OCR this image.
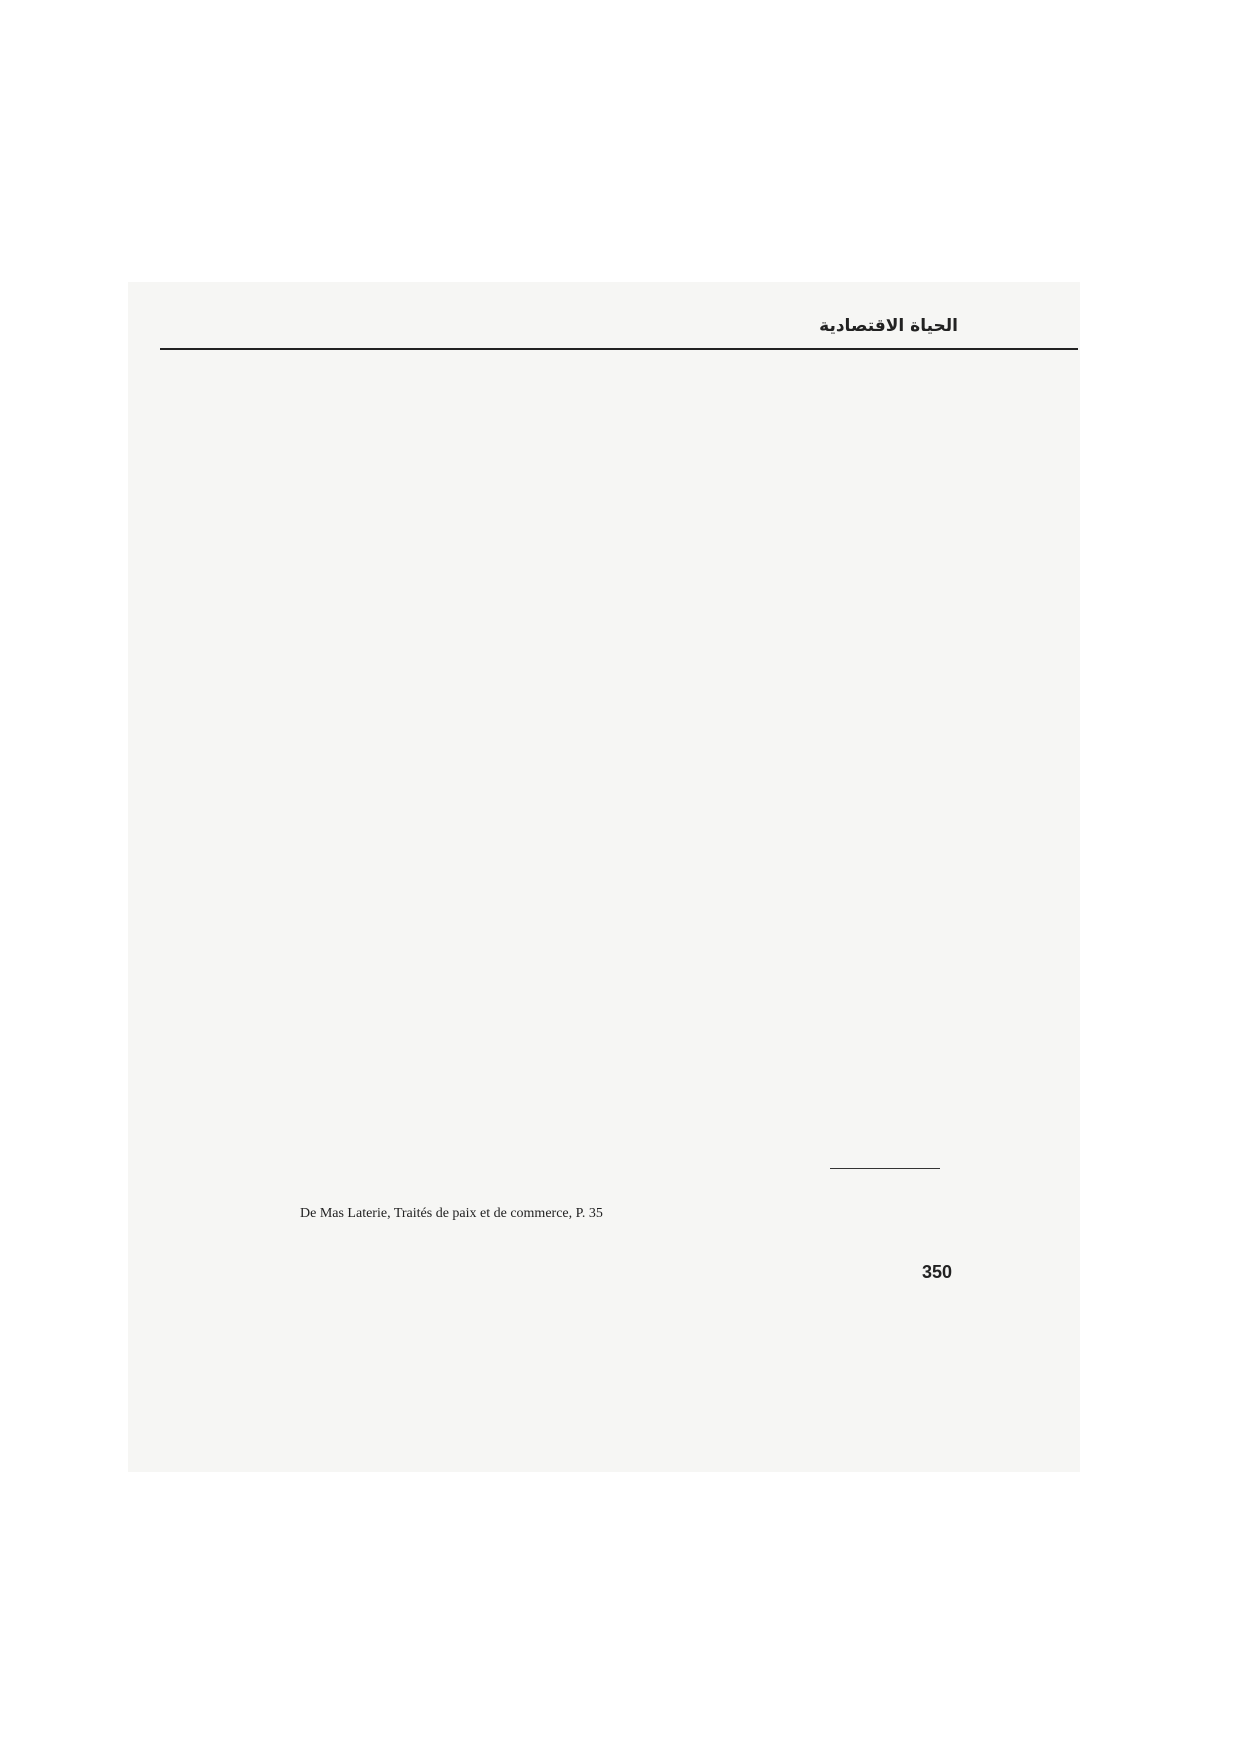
الحياة الاقتصادية

De Mas Laterie, Traités de paix et de commerce, P. 35
350
